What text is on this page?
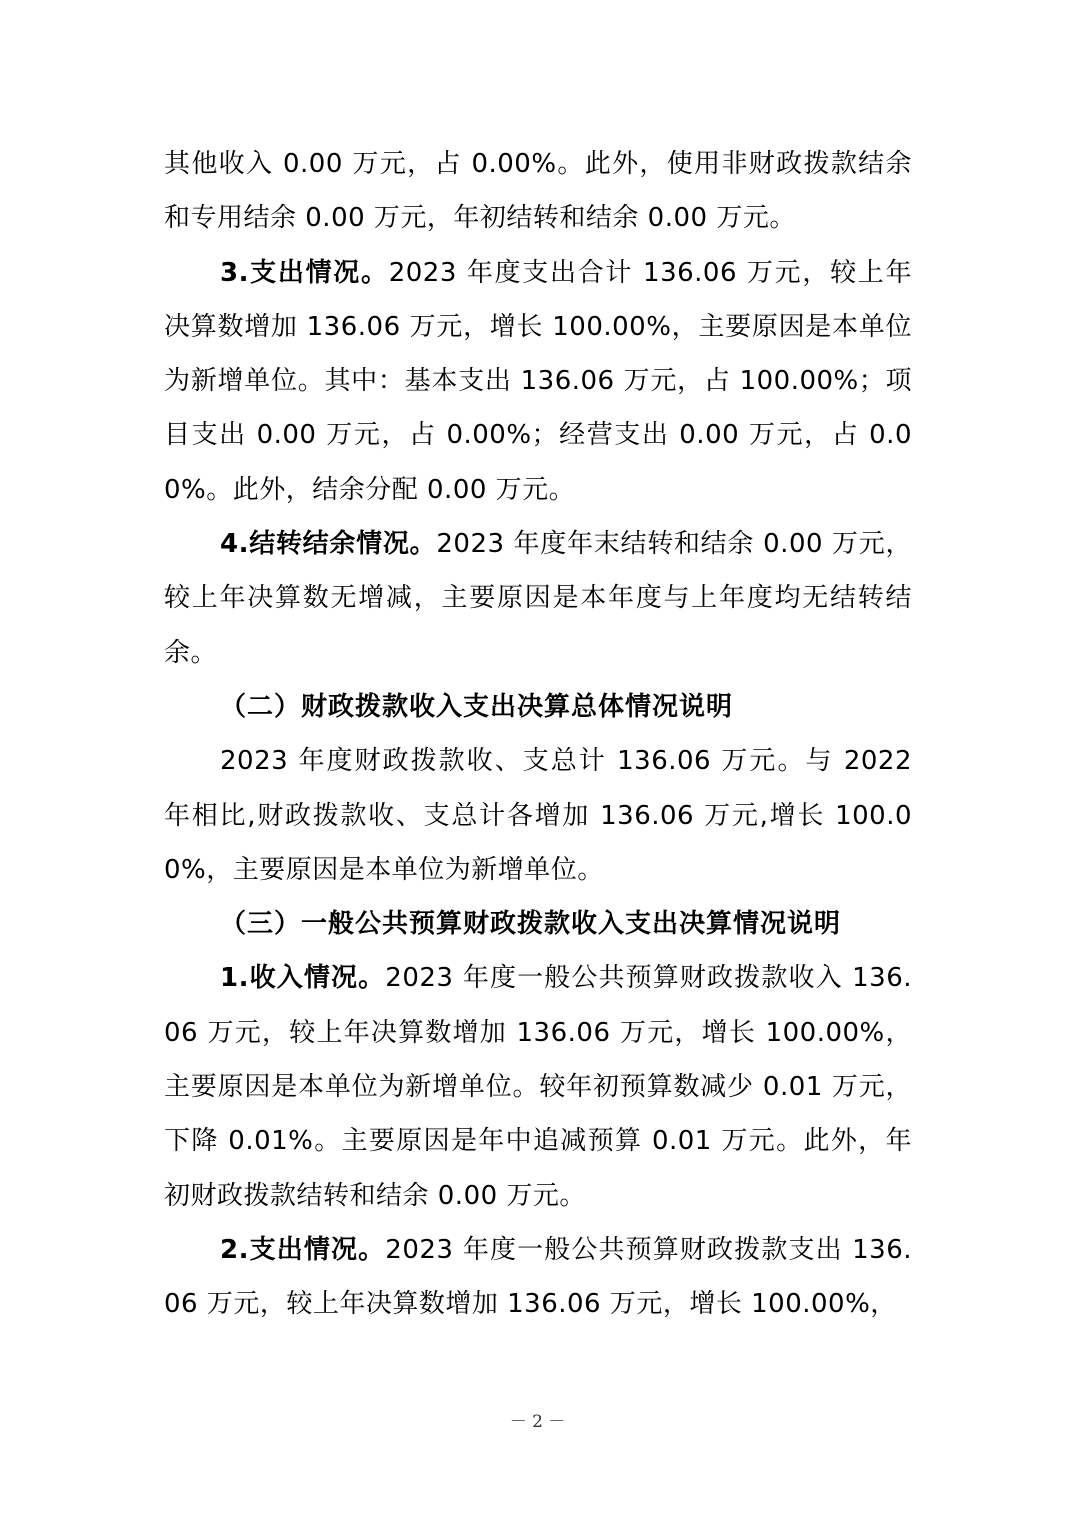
其他收入 0.00 万元，占 0.00%。此外，使用非财政拨款结余和专用结余 0.00 万元，年初结转和结余 0.00 万元。

3.支出情况。2023 年度支出合计 136.06 万元，较上年决算数增加 136.06 万元，增长 100.00%，主要原因是本单位为新增单位。其中：基本支出 136.06 万元，占 100.00%；项目支出 0.00 万元，占 0.00%；经营支出 0.00 万元，占 0.00%。此外，结余分配 0.00 万元。

4.结转结余情况。2023 年度年末结转和结余 0.00 万元，较上年决算数无增减，主要原因是本年度与上年度均无结转结余。

（二）财政拨款收入支出决算总体情况说明

2023 年度财政拨款收、支总计 136.06 万元。与 2022 年相比,财政拨款收、支总计各增加 136.06 万元,增长 100.00%，主要原因是本单位为新增单位。

（三）一般公共预算财政拨款收入支出决算情况说明

1.收入情况。2023 年度一般公共预算财政拨款收入 136.06 万元，较上年决算数增加 136.06 万元，增长 100.00%，主要原因是本单位为新增单位。较年初预算数减少 0.01 万元，下降 0.01%。主要原因是年中追减预算 0.01 万元。此外，年初财政拨款结转和结余 0.00 万元。

2.支出情况。2023 年度一般公共预算财政拨款支出 136.06 万元，较上年决算数增加 136.06 万元，增长 100.00%，

－ 2 －
